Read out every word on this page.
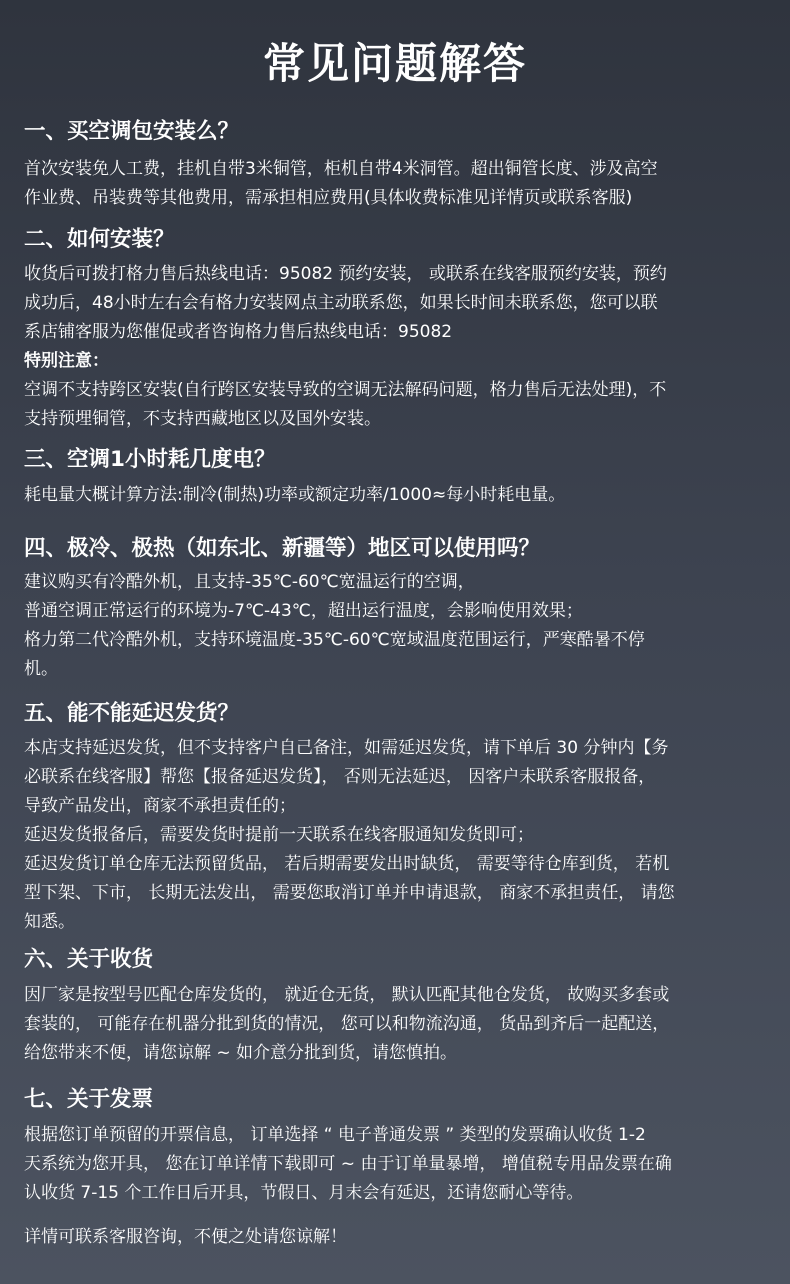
常见问题解答
一、买空调包安装么？
首次安装免人工费，挂机自带3米铜管，柜机自带4米洞管。超出铜管长度、涉及高空
作业费、吊装费等其他费用，需承担相应费用(具体收费标准见详情页或联系客服)
二、如何安装？
收货后可拨打格力售后热线电话：95082 预约安装， 或联系在线客服预约安装，预约
成功后，48小时左右会有格力安装网点主动联系您，如果长时间未联系您，您可以联
系店铺客服为您催促或者咨询格力售后热线电话：95082
特别注意：
空调不支持跨区安装(自行跨区安装导致的空调无法解码问题，格力售后无法处理)，不
支持预埋铜管，不支持西藏地区以及国外安装。
三、空调1小时耗几度电？
耗电量大概计算方法:制冷(制热)功率或额定功率/1000≈每小时耗电量。
四、极冷、极热（如东北、新疆等）地区可以使用吗？
建议购买有冷酷外机，且支持-35℃-60℃宽温运行的空调，
普通空调正常运行的环境为-7℃-43℃，超出运行温度，会影响使用效果；
格力第二代冷酷外机，支持环境温度-35℃-60℃宽域温度范围运行，严寒酷暑不停
机。
五、能不能延迟发货？
本店支持延迟发货，但不支持客户自己备注，如需延迟发货，请下单后 30 分钟内【务
必联系在线客服】帮您【报备延迟发货】， 否则无法延迟， 因客户未联系客服报备，
导致产品发出，商家不承担责任的；
延迟发货报备后，需要发货时提前一天联系在线客服通知发货即可；
延迟发货订单仓库无法预留货品， 若后期需要发出时缺货， 需要等待仓库到货， 若机
型下架、下市， 长期无法发出， 需要您取消订单并申请退款， 商家不承担责任， 请您
知悉。
六、关于收货
因厂家是按型号匹配仓库发货的， 就近仓无货， 默认匹配其他仓发货， 故购买多套或
套装的， 可能存在机器分批到货的情况， 您可以和物流沟通， 货品到齐后一起配送，
给您带来不便，请您谅解 ~ 如介意分批到货，请您慎拍。
七、关于发票
根据您订单预留的开票信息， 订单选择 “ 电子普通发票 ” 类型的发票确认收货 1-2
天系统为您开具， 您在订单详情下载即可 ~ 由于订单量暴增， 增值税专用品发票在确
认收货 7-15 个工作日后开具，节假日、月末会有延迟，还请您耐心等待。
详情可联系客服咨询，不便之处请您谅解！
